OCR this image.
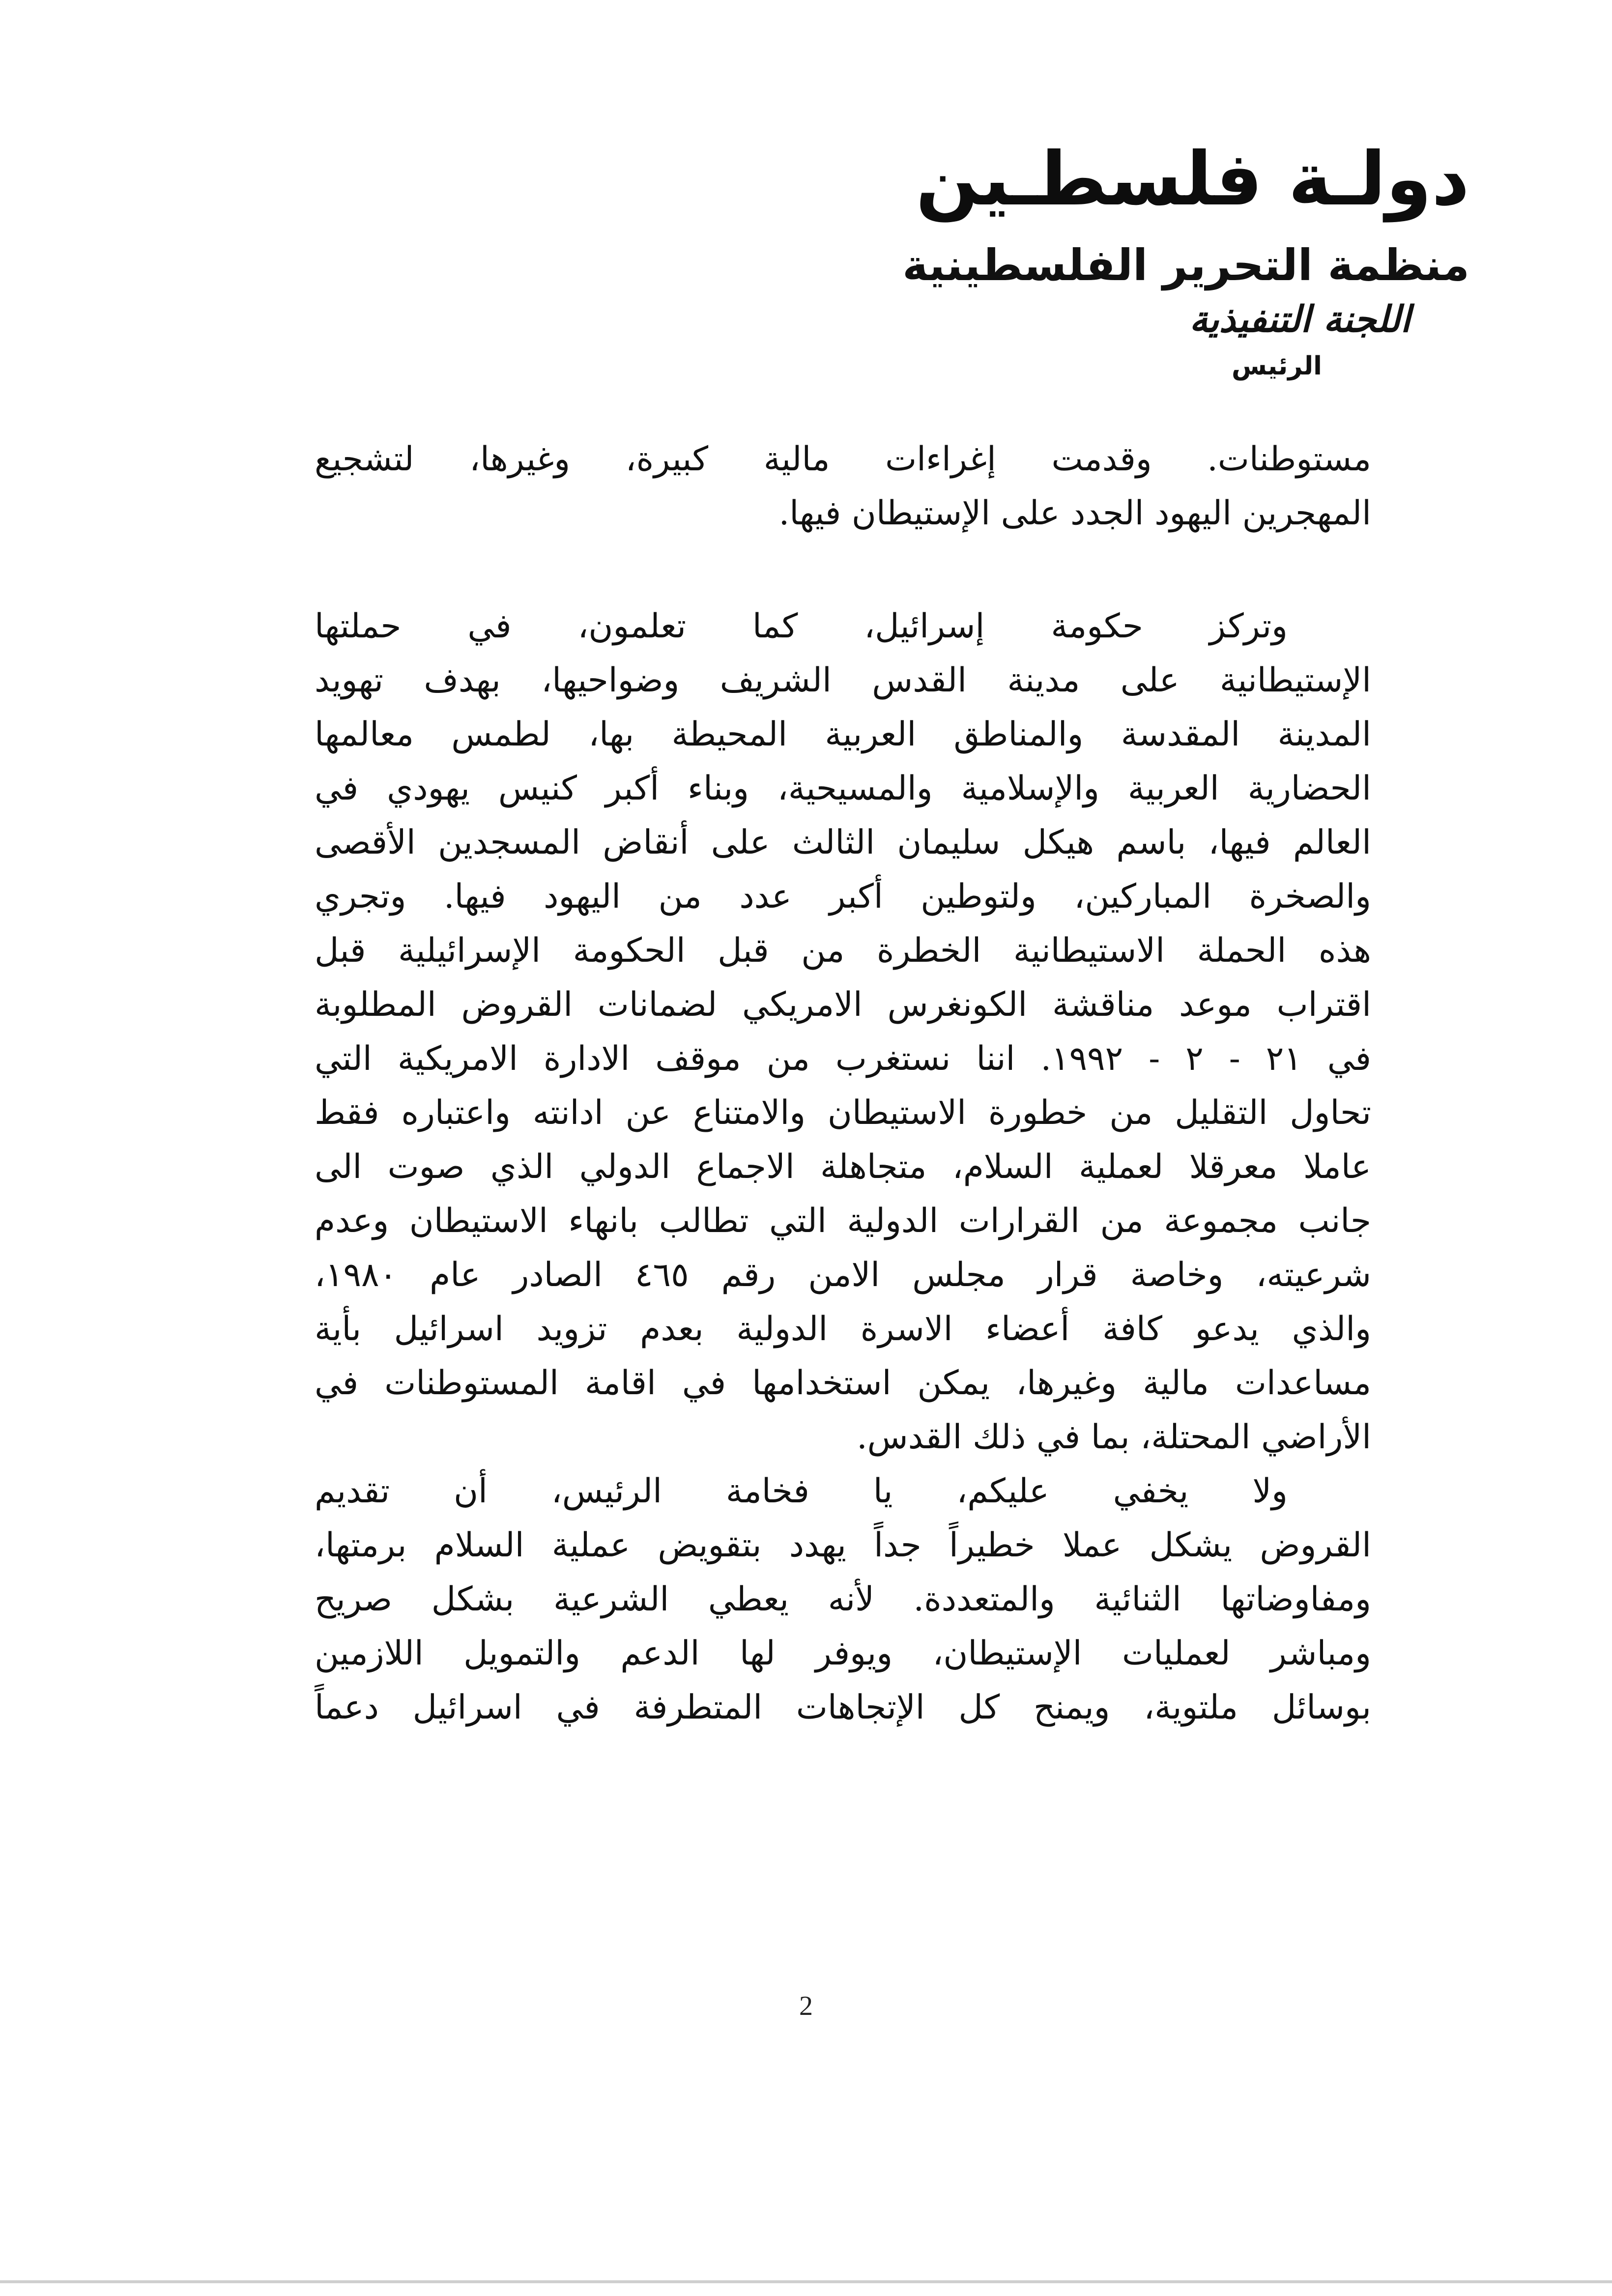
دولـة فلسطـين
منظمة التحرير الفلسطينية
اللجنة التنفيذية
الرئيس
مستوطنات. وقدمت إغراءات مالية كبيرة، وغيرها، لتشجيع
المهجرين اليهود الجدد على الإستيطان فيها.
وتركز حكومة إسرائيل، كما تعلمون، في حملتها
الإستيطانية على مدينة القدس الشريف وضواحيها، بهدف تهويد
المدينة المقدسة والمناطق العربية المحيطة بها، لطمس معالمها
الحضارية العربية والإسلامية والمسيحية، وبناء أكبر كنيس يهودي في
العالم فيها، باسم هيكل سليمان الثالث على أنقاض المسجدين الأقصى
والصخرة المباركين، ولتوطين أكبر عدد من اليهود فيها. وتجري
هذه الحملة الاستيطانية الخطرة من قبل الحكومة الإسرائيلية قبل
اقتراب موعد مناقشة الكونغرس الامريكي لضمانات القروض المطلوبة
في ٢١ - ٢ - ١٩٩٢. اننا نستغرب من موقف الادارة الامريكية التي
تحاول التقليل من خطورة الاستيطان والامتناع عن ادانته واعتباره فقط
عاملا معرقلا لعملية السلام، متجاهلة الاجماع الدولي الذي صوت الى
جانب مجموعة من القرارات الدولية التي تطالب بانهاء الاستيطان وعدم
شرعيته، وخاصة قرار مجلس الامن رقم ٤٦٥ الصادر عام ١٩٨٠،
والذي يدعو كافة أعضاء الاسرة الدولية بعدم تزويد اسرائيل بأية
مساعدات مالية وغيرها، يمكن استخدامها في اقامة المستوطنات في
الأراضي المحتلة، بما في ذلك القدس.
ولا يخفي عليكم، يا فخامة الرئيس، أن تقديم
القروض يشكل عملا خطيراً جداً يهدد بتقويض عملية السلام برمتها،
ومفاوضاتها الثنائية والمتعددة. لأنه يعطي الشرعية بشكل صريح
ومباشر لعمليات الإستيطان، ويوفر لها الدعم والتمويل اللازمين
بوسائل ملتوية، ويمنح كل الإتجاهات المتطرفة في اسرائيل دعماً
2
